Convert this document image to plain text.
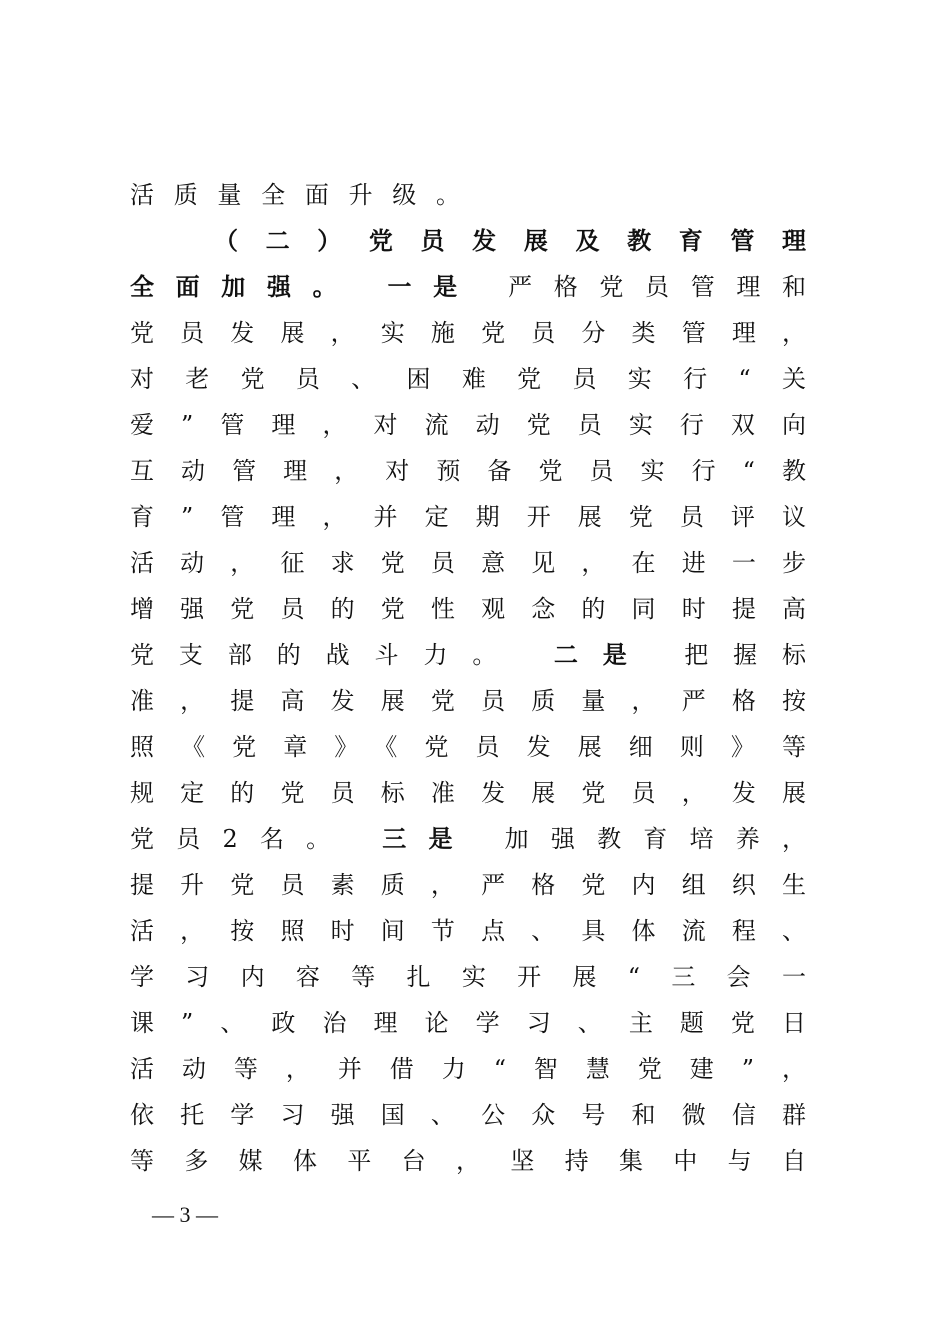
活质量全面升级。
（二）党员发展及教育管理
全面加强。 一是 严格党员管理和
党员发展，实施党员分类管理，
对老党员、困难党员实行“关
爱”管理，对流动党员实行双向
互动管理，对预备党员实行“教
育”管理，并定期开展党员评议
活动，征求党员意见，在进一步
增强党员的党性观念的同时提高
党支部的战斗力。 二是 把握标
准，提高发展党员质量，严格按
照《党章》《党员发展细则》等
规定的党员标准发展党员，发展
党员2名。 三是 加强教育培养，
提升党员素质，严格党内组织生
活，按照时间节点、具体流程、
学习内容等扎实开展“三会一
课”、政治理论学习、主题党日
活动等，并借力“智慧党建”，
依托学习强国、公众号和微信群
等多媒体平台，坚持集中与自
— 3 —
